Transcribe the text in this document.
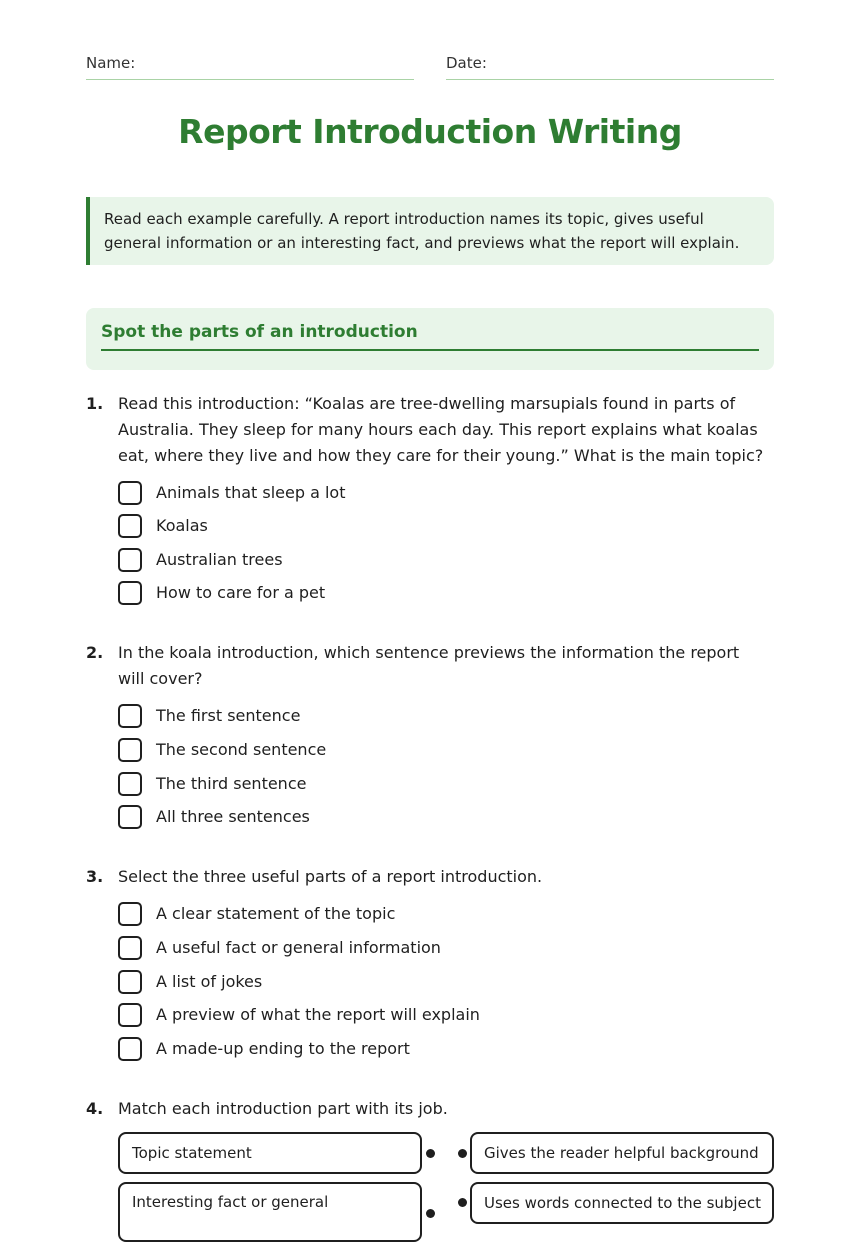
Name:	Date:
Report Introduction Writing
Read each example carefully. A report introduction names its topic, gives useful general information or an interesting fact, and previews what the report will explain.
Spot the parts of an introduction
1. Read this introduction: “Koalas are tree-dwelling marsupials found in parts of Australia. They sleep for many hours each day. This report explains what koalas eat, where they live and how they care for their young.” What is the main topic?
Animals that sleep a lot
Koalas
Australian trees
How to care for a pet
2. In the koala introduction, which sentence previews the information the report will cover?
The first sentence
The second sentence
The third sentence
All three sentences
3. Select the three useful parts of a report introduction.
A clear statement of the topic
A useful fact or general information
A list of jokes
A preview of what the report will explain
A made-up ending to the report
4. Match each introduction part with its job.
Topic statement	Gives the reader helpful background
Interesting fact or general	Uses words connected to the subject
